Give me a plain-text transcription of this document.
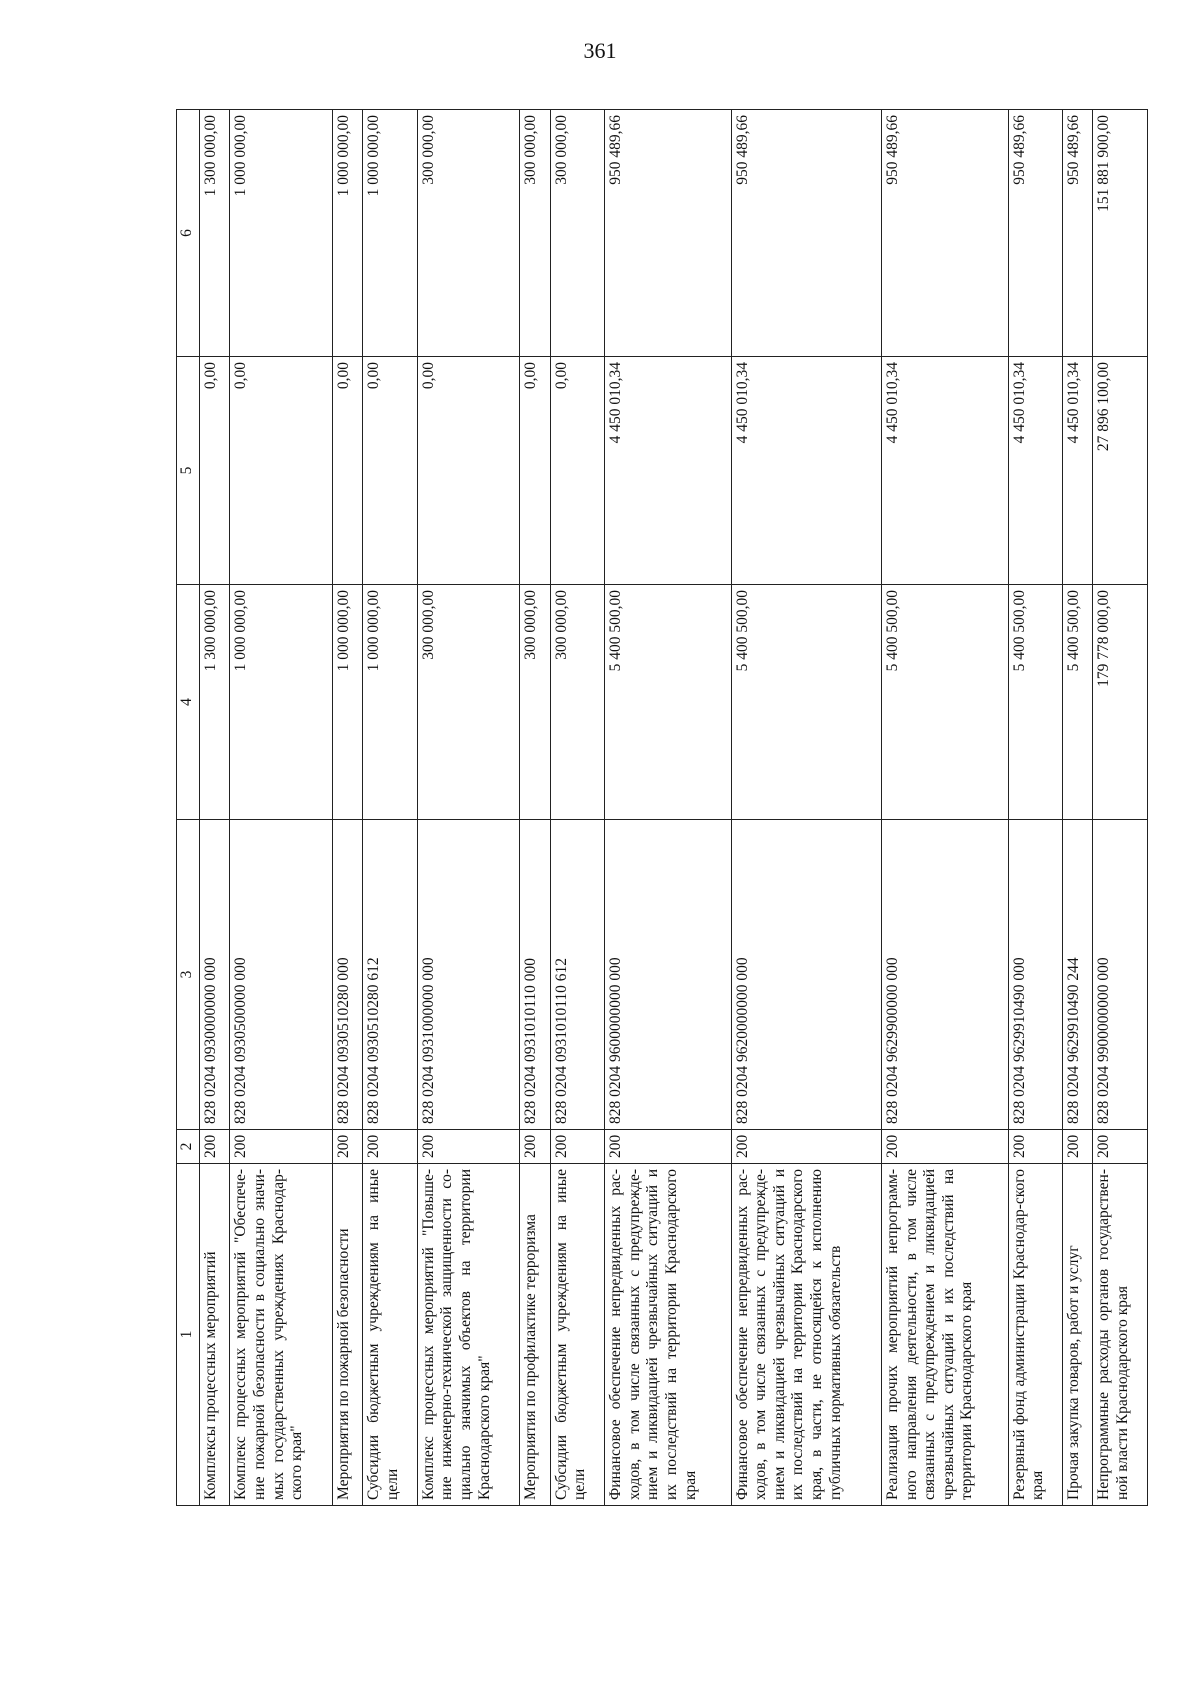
361
1	2	3	4	5	6
Комплексы процессных мероприятий	200	828 0204 0930000000 000	1 300 000,00	0,00	1 300 000,00
Комплекс процессных мероприятий "Обеспече-ние пожарной безопасности в социально значи-мых государственных учреждениях Краснодар-ского края"	200	828 0204 0930500000 000	1 000 000,00	0,00	1 000 000,00
Мероприятия по пожарной безопасности	200	828 0204 0930510280 000	1 000 000,00	0,00	1 000 000,00
Субсидии бюджетным учреждениям на иные цели	200	828 0204 0930510280 612	1 000 000,00	0,00	1 000 000,00
Комплекс процессных мероприятий "Повыше-ние инженерно-технической защищенности со-циально значимых объектов на территории Краснодарского края"	200	828 0204 0931000000 000	300 000,00	0,00	300 000,00
Мероприятия по профилактике терроризма	200	828 0204 0931010110 000	300 000,00	0,00	300 000,00
Субсидии бюджетным учреждениям на иные цели	200	828 0204 0931010110 612	300 000,00	0,00	300 000,00
Финансовое обеспечение непредвиденных рас-ходов, в том числе связанных с предупрежде-нием и ликвидацией чрезвычайных ситуаций и их последствий на территории Краснодарского края	200	828 0204 9600000000 000	5 400 500,00	4 450 010,34	950 489,66
Финансовое обеспечение непредвиденных рас-ходов, в том числе связанных с предупрежде-нием и ликвидацией чрезвычайных ситуаций и их последствий на территории Краснодарского края, в части, не относящейся к исполнению публичных нормативных обязательств	200	828 0204 9620000000 000	5 400 500,00	4 450 010,34	950 489,66
Реализация прочих мероприятий непрограмм-ного направления деятельности, в том числе связанных с предупреждением и ликвидацией чрезвычайных ситуаций и их последствий на территории Краснодарского края	200	828 0204 9629900000 000	5 400 500,00	4 450 010,34	950 489,66
Резервный фонд администрации Краснодар-ского края	200	828 0204 9629910490 000	5 400 500,00	4 450 010,34	950 489,66
Прочая закупка товаров, работ и услуг	200	828 0204 9629910490 244	5 400 500,00	4 450 010,34	950 489,66
Непрограммные расходы органов государствен-ной власти Краснодарского края	200	828 0204 9900000000 000	179 778 000,00	27 896 100,00	151 881 900,00
